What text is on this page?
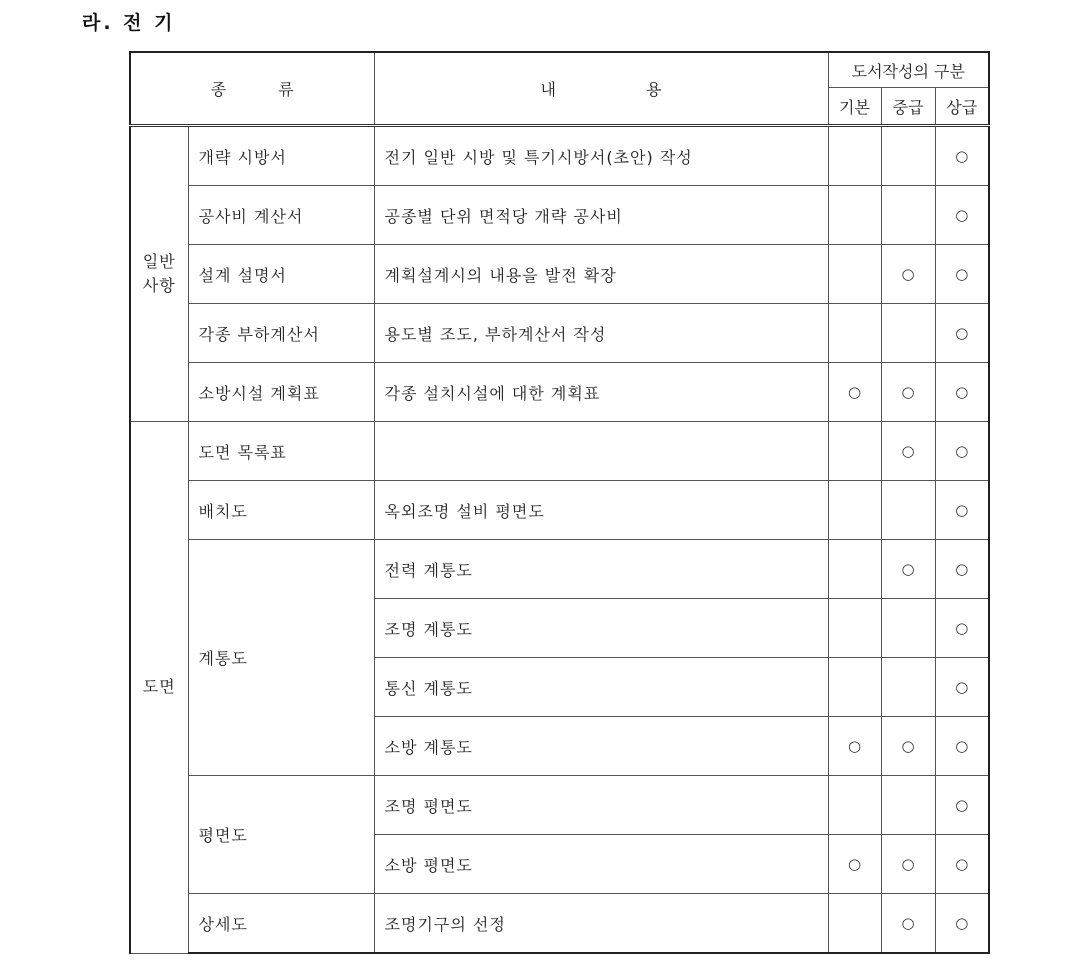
라. 전 기
종 류		내 용	도서작성의 구분		
			기본	중급	상급

일반
사항	개략 시방서	전기 일반 시방 및 특기시방서(초안) 작성			○
	공사비 계산서	공종별 단위 면적당 개략 공사비			○
	설계 설명서	계획설계시의 내용을 발전 확장		○	○
	각종 부하계산서	용도별 조도, 부하계산서 작성			○
	소방시설 계획표	각종 설치시설에 대한 계획표	○	○	○
도면	도면 목록표			○	○
	배치도	옥외조명 설비 평면도			○
	계통도	전력 계통도		○	○
		조명 계통도			○
		통신 계통도			○
		소방 계통도	○	○	○
	평면도	조명 평면도			○
		소방 평면도	○	○	○
	상세도	조명기구의 선정		○	○
